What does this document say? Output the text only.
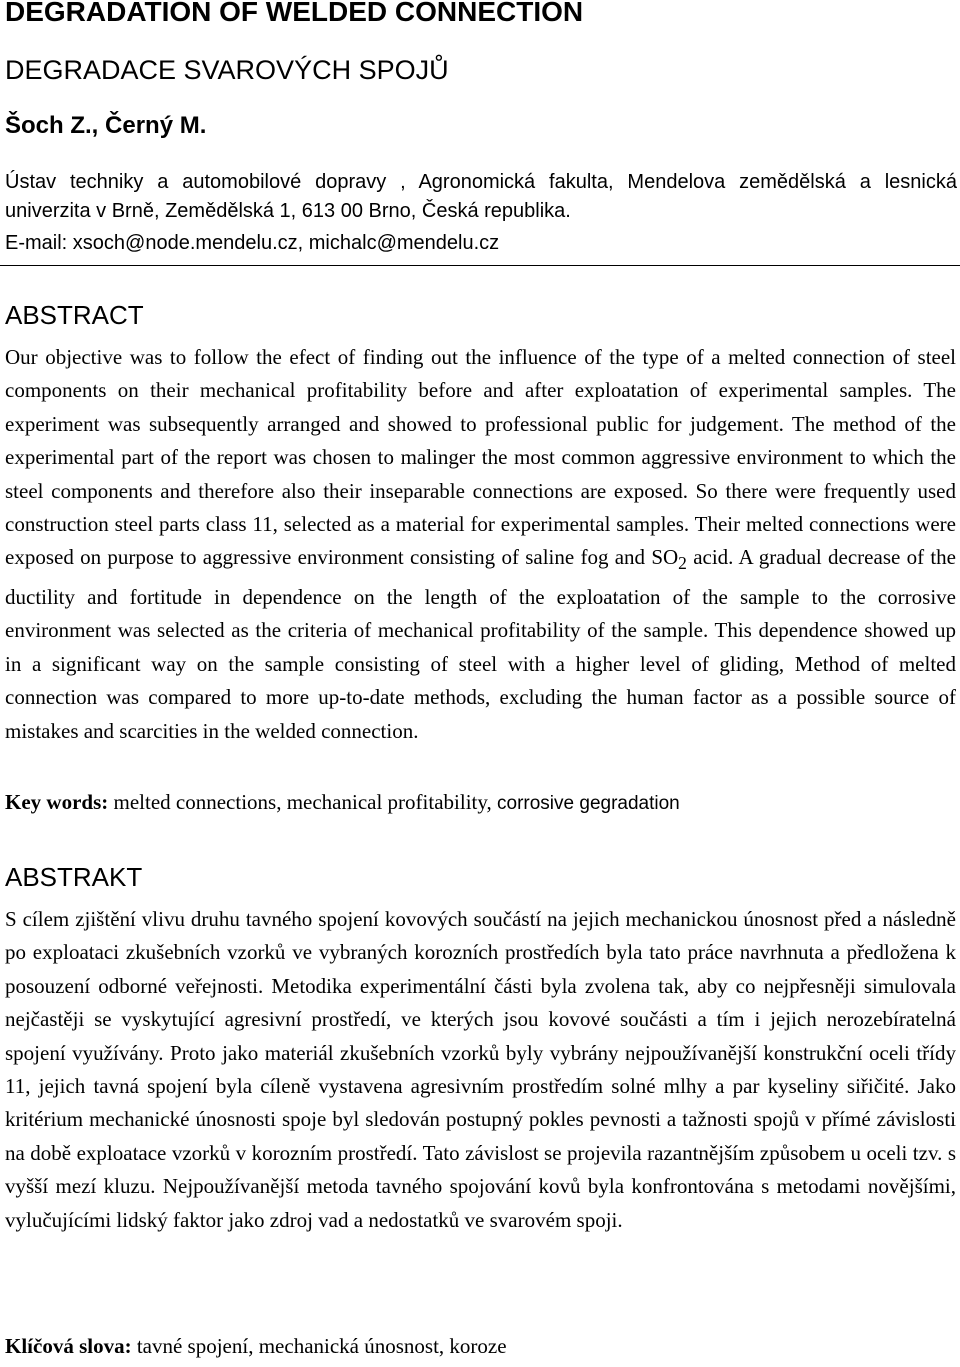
DEGRADATION OF WELDED CONNECTION
DEGRADACE SVAROVÝCH SPOJŮ

Šoch Z., Černý M.

Ústav techniky a automobilové dopravy , Agronomická fakulta, Mendelova zemědělská a lesnická
univerzita v Brně, Zemědělská 1, 613 00 Brno, Česká republika.

E-mail: xsoch@node.mendelu.cz, michalc@mendelu.cz

ABSTRACT

Our objective was to follow the efect of finding out the influence of the type of a melted connection of steel components on their mechanical profitability before and after exploatation of experimental samples. The experiment was subsequently arranged and showed to professional public for judgement. The method of the experimental part of the report was chosen to malinger the most common aggressive environment to which the steel components and therefore also their inseparable connections are exposed. So there were frequently used construction steel parts class 11, selected as a material for experimental samples. Their melted connections were exposed on purpose to aggressive environment consisting of saline fog and $SO_2$ acid. A gradual decrease of the ductility and fortitude in dependence on the length of the exploatation of the sample to the corrosive environment was selected as the criteria of mechanical profitability of the sample. This dependence showed up in a significant way on the sample consisting of steel with a higher level of gliding, Method of melted connection was compared to more up-to-date methods, excluding the human factor as a possible source of mistakes and scarcities in the welded connection.

Key words: melted connections, mechanical profitability, corrosive gegradation

ABSTRAKT

S cílem zjištění vlivu druhu tavného spojení kovových součástí na jejich mechanickou únosnost před a následně po exploataci zkušebních vzorků ve vybraných korozních prostředích byla tato práce navrhnuta a předložena k posouzení odborné veřejnosti. Metodika experimentální části byla zvolena tak, aby co nejpřesněji simulovala nejčastěji se vyskytující agresivní prostředí, ve kterých jsou kovové součásti a tím i jejich nerozebíratelná spojení využívány. Proto jako materiál zkušebních vzorků byly vybrány nejpoužívanější konstrukční oceli třídy 11, jejich tavná spojení byla cíleně vystavena agresivním prostředím solné mlhy a par kyseliny siřičité. Jako kritérium mechanické únosnosti spoje byl sledován postupný pokles pevnosti a tažnosti spojů v přímé závislosti na době exploatace vzorků v korozním prostředí. Tato závislost se projevila razantnějším způsobem u oceli tzv. s vyšší mezí kluzu. Nejpoužívanější metoda tavného spojování kovů byla konfrontována s metodami novějšími, vylučujícími lidský faktor jako zdroj vad a nedostatků ve svarovém spoji.

Klíčová slova: tavné spojení, mechanická únosnost, koroze
